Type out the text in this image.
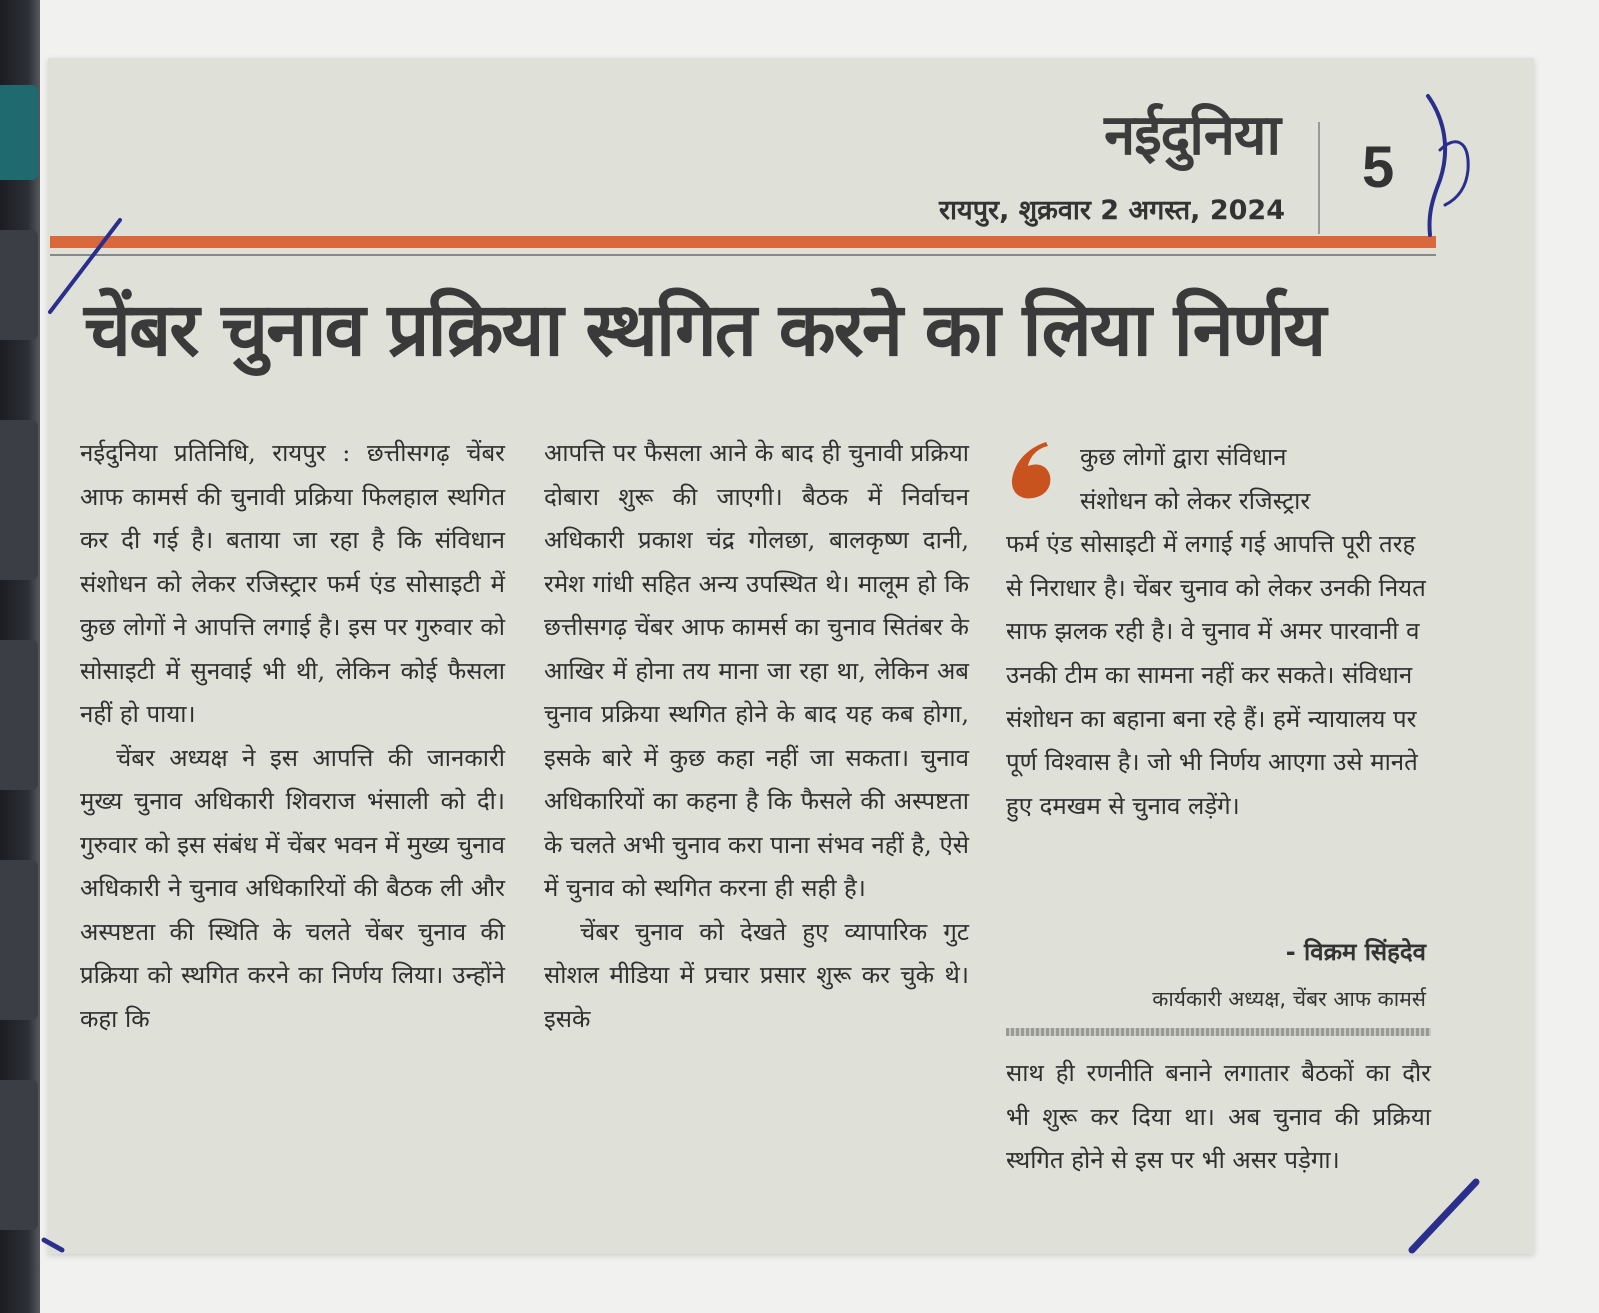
नईदुनिया
रायपुर, शुक्रवार 2 अगस्त, 2024
5
चेंबर चुनाव प्रक्रिया स्थगित करने का लिया निर्णय

नईदुनिया प्रतिनिधि, रायपुर : छत्तीसगढ़ चेंबर आफ कामर्स की चुनावी प्रक्रिया फिलहाल स्थगित कर दी गई है। बताया जा रहा है कि संविधान संशोधन को लेकर रजिस्ट्रार फर्म एंड सोसाइटी में कुछ लोगों ने आपत्ति लगाई है। इस पर गुरुवार को सोसाइटी में सुनवाई भी थी, लेकिन कोई फैसला नहीं हो पाया।

चेंबर अध्यक्ष ने इस आपत्ति की जानकारी मुख्य चुनाव अधिकारी शिवराज भंसाली को दी। गुरुवार को इस संबंध में चेंबर भवन में मुख्य चुनाव अधिकारी ने चुनाव अधिकारियों की बैठक ली और अस्पष्टता की स्थिति के चलते चेंबर चुनाव की प्रक्रिया को स्थगित करने का निर्णय लिया। उन्होंने कहा कि

आपत्ति पर फैसला आने के बाद ही चुनावी प्रक्रिया दोबारा शुरू की जाएगी। बैठक में निर्वाचन अधिकारी प्रकाश चंद्र गोलछा, बालकृष्ण दानी, रमेश गांधी सहित अन्य उपस्थित थे। मालूम हो कि छत्तीसगढ़ चेंबर आफ कामर्स का चुनाव सितंबर के आखिर में होना तय माना जा रहा था, लेकिन अब चुनाव प्रक्रिया स्थगित होने के बाद यह कब होगा, इसके बारे में कुछ कहा नहीं जा सकता। चुनाव अधिकारियों का कहना है कि फैसले की अस्पष्टता के चलते अभी चुनाव करा पाना संभव नहीं है, ऐसे में चुनाव को स्थगित करना ही सही है।

चेंबर चुनाव को देखते हुए व्यापारिक गुट सोशल मीडिया में प्रचार प्रसार शुरू कर चुके थे। इसके

कुछ लोगों द्वारा संविधान
संशोधन को लेकर रजिस्ट्रार
फर्म एंड सोसाइटी में लगाई गई आपत्ति पूरी तरह से निराधार है। चेंबर चुनाव को लेकर उनकी नियत साफ झलक रही है। वे चुनाव में अमर पारवानी व उनकी टीम का सामना नहीं कर सकते। संविधान संशोधन का बहाना बना रहे हैं। हमें न्यायालय पर पूर्ण विश्वास है। जो भी निर्णय आएगा उसे मानते हुए दमखम से चुनाव लड़ेंगे।
- विक्रम सिंहदेव
कार्यकारी अध्यक्ष, चेंबर आफ कामर्स
साथ ही रणनीति बनाने लगातार बैठकों का दौर भी शुरू कर दिया था। अब चुनाव की प्रक्रिया स्थगित होने से इस पर भी असर पड़ेगा।
